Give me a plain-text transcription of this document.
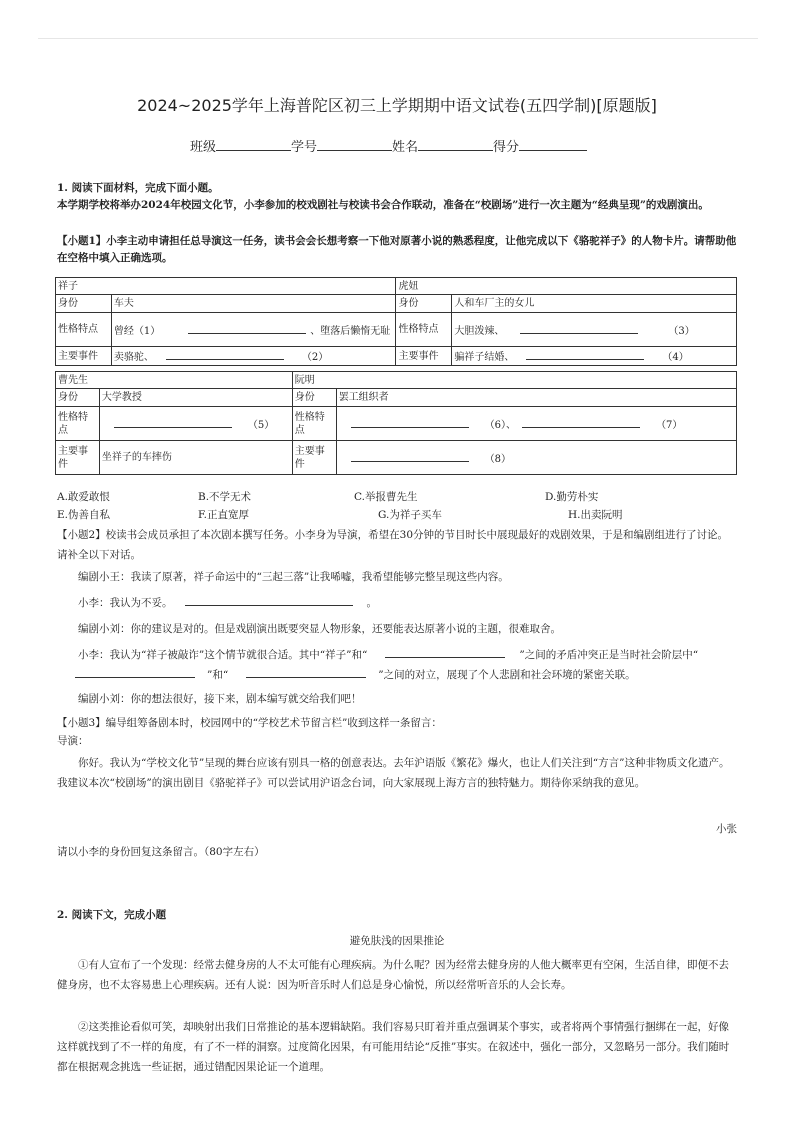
2024~2025学年上海普陀区初三上学期期中语文试卷(五四学制)[原题版]
班级	学号	姓名	得分
1. 阅读下面材料，完成下面小题。
本学期学校将举办2024年校园文化节，小李参加的校戏剧社与校读书会合作联动，准备在“校剧场”进行一次主题为“经典呈现”的戏剧演出。
【小题1】小李主动申请担任总导演这一任务，读书会会长想考察一下他对原著小说的熟悉程度，让他完成以下《骆驼祥子》的人物卡片。请帮助他在空格中填入正确选项。
祥子		虎妞	
身份	车夫	身份	人和车厂主的女儿
性格特点	曾经（1） 、堕落后懒惰无耻	性格特点	大胆泼辣、 （3）
主要事件	卖骆驼、 （2）	主要事件	骗祥子结婚、 （4）
曹先生		阮明	
身份	大学教授	身份	罢工组织者
性格特点	（5）	性格特点	（6）、 （7）
主要事件	坐祥子的车摔伤	主要事件	（8）
A.敢爱敢恨	B.不学无术	C.举报曹先生	D.勤劳朴实
E.伪善自私	F.正直宽厚	G.为祥子买车	H.出卖阮明
【小题2】校读书会成员承担了本次剧本撰写任务。小李身为导演，希望在30分钟的节目时长中展现最好的戏剧效果，于是和编剧组进行了讨论。请补全以下对话。
编剧小王：我读了原著，祥子命运中的“三起三落”让我唏嘘，我希望能够完整呈现这些内容。
小李：我认为不妥。	。
编剧小刘：你的建议是对的。但是戏剧演出既要突显人物形象，还要能表达原著小说的主题，很难取舍。
小李：我认为“祥子被敲诈”这个情节就很合适。其中“祥子”和“	”之间的矛盾冲突正是当时社会阶层中“”和“	”之间的对立，展现了个人悲剧和社会环境的紧密关联。
编剧小刘：你的想法很好，接下来，剧本编写就交给我们吧！
【小题3】编导组筹备剧本时，校园网中的“学校艺术节留言栏”收到这样一条留言：
导演：
你好。我认为“学校文化节”呈现的舞台应该有别具一格的创意表达。去年沪语版《繁花》爆火，也让人们关注到“方言”这种非物质文化遗产。我建议本次“校剧场”的演出剧目《骆驼祥子》可以尝试用沪语念台词，向大家展现上海方言的独特魅力。期待你采纳我的意见。
小张
请以小李的身份回复这条留言。（80字左右）
2. 阅读下文，完成小题
避免肤浅的因果推论
①有人宣布了一个发现：经常去健身房的人不太可能有心理疾病。为什么呢？因为经常去健身房的人他大概率更有空闲，生活自律，即便不去健身房，也不太容易患上心理疾病。还有人说：因为听音乐时人们总是身心愉悦，所以经常听音乐的人会长寿。
②这类推论看似可笑，却映射出我们日常推论的基本逻辑缺陷。我们容易只盯着并重点强调某个事实，或者将两个事情强行捆绑在一起，好像这样就找到了不一样的角度，有了不一样的洞察。过度简化因果，有可能用结论“反推”事实。在叙述中，强化一部分，又忽略另一部分。我们随时都在根据观念挑选一些证据，通过错配因果论证一个道理。
